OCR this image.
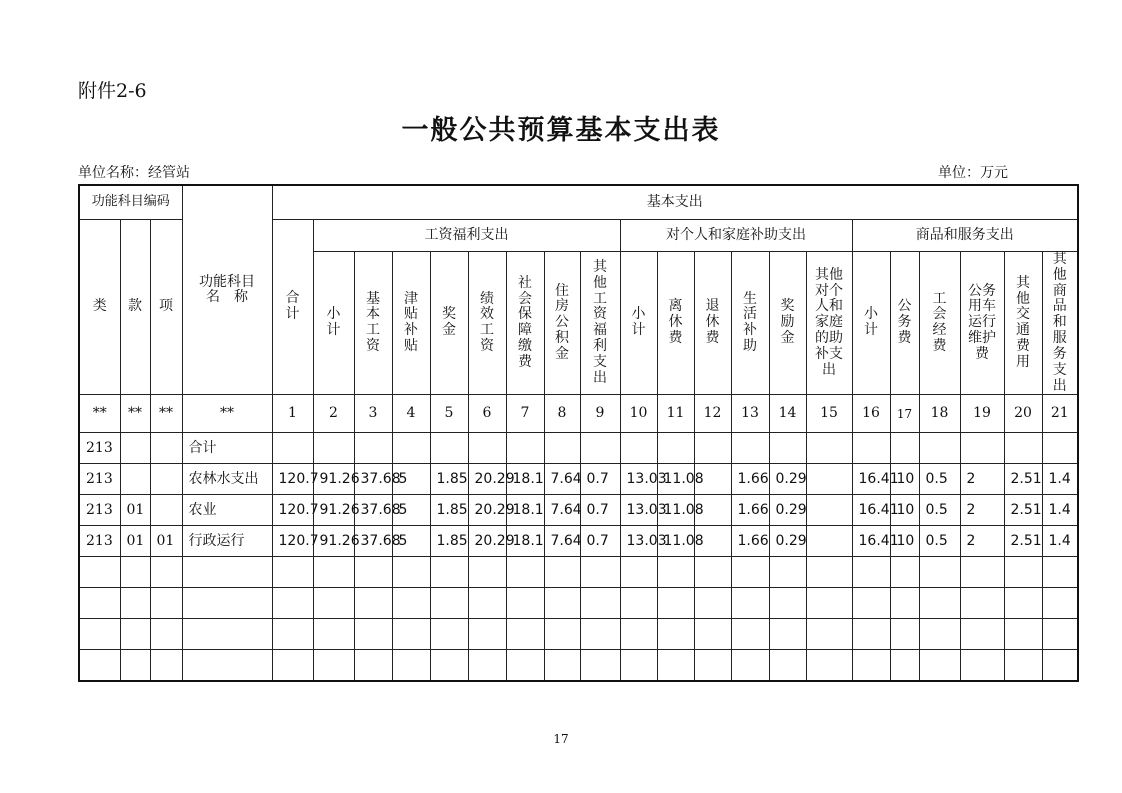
附件2-6
一般公共预算基本支出表
单位名称：经管站	单位：万元
功能科目编码			功能科目名　称	基本支出																				
类	款	项		合计	工资福利支出								对个人和家庭补助支出						商品和服务支出					
					小计	基本工资	津贴补贴	奖金	绩效工资	社会保障缴费	住房公积金	其他工资福利支出	小计	离休费	退休费	生活补助	奖励金	其他对个人和家庭的助补支出	小计	公务费	工会经费	公务用车运行维护费	其他交通费用	其他商品和服务支出
**	**	**	**	1	2	3	4	5	6	7	8	9	10	11	12	13	14	15	16	17	18	19	20	21
213			合计																					
213			农林水支出	120.7	91.26	37.68	5	1.85	20.29	18.1	7.64	0.7	13.03	11.08		1.66	0.29		16.41	10	0.5	2	2.51	1.4
213	01		农业	120.7	91.26	37.68	5	1.85	20.29	18.1	7.64	0.7	13.03	11.08		1.66	0.29		16.41	10	0.5	2	2.51	1.4
213	01	01	行政运行	120.7	91.26	37.68	5	1.85	20.29	18.1	7.64	0.7	13.03	11.08		1.66	0.29		16.41	10	0.5	2	2.51	1.4

17
